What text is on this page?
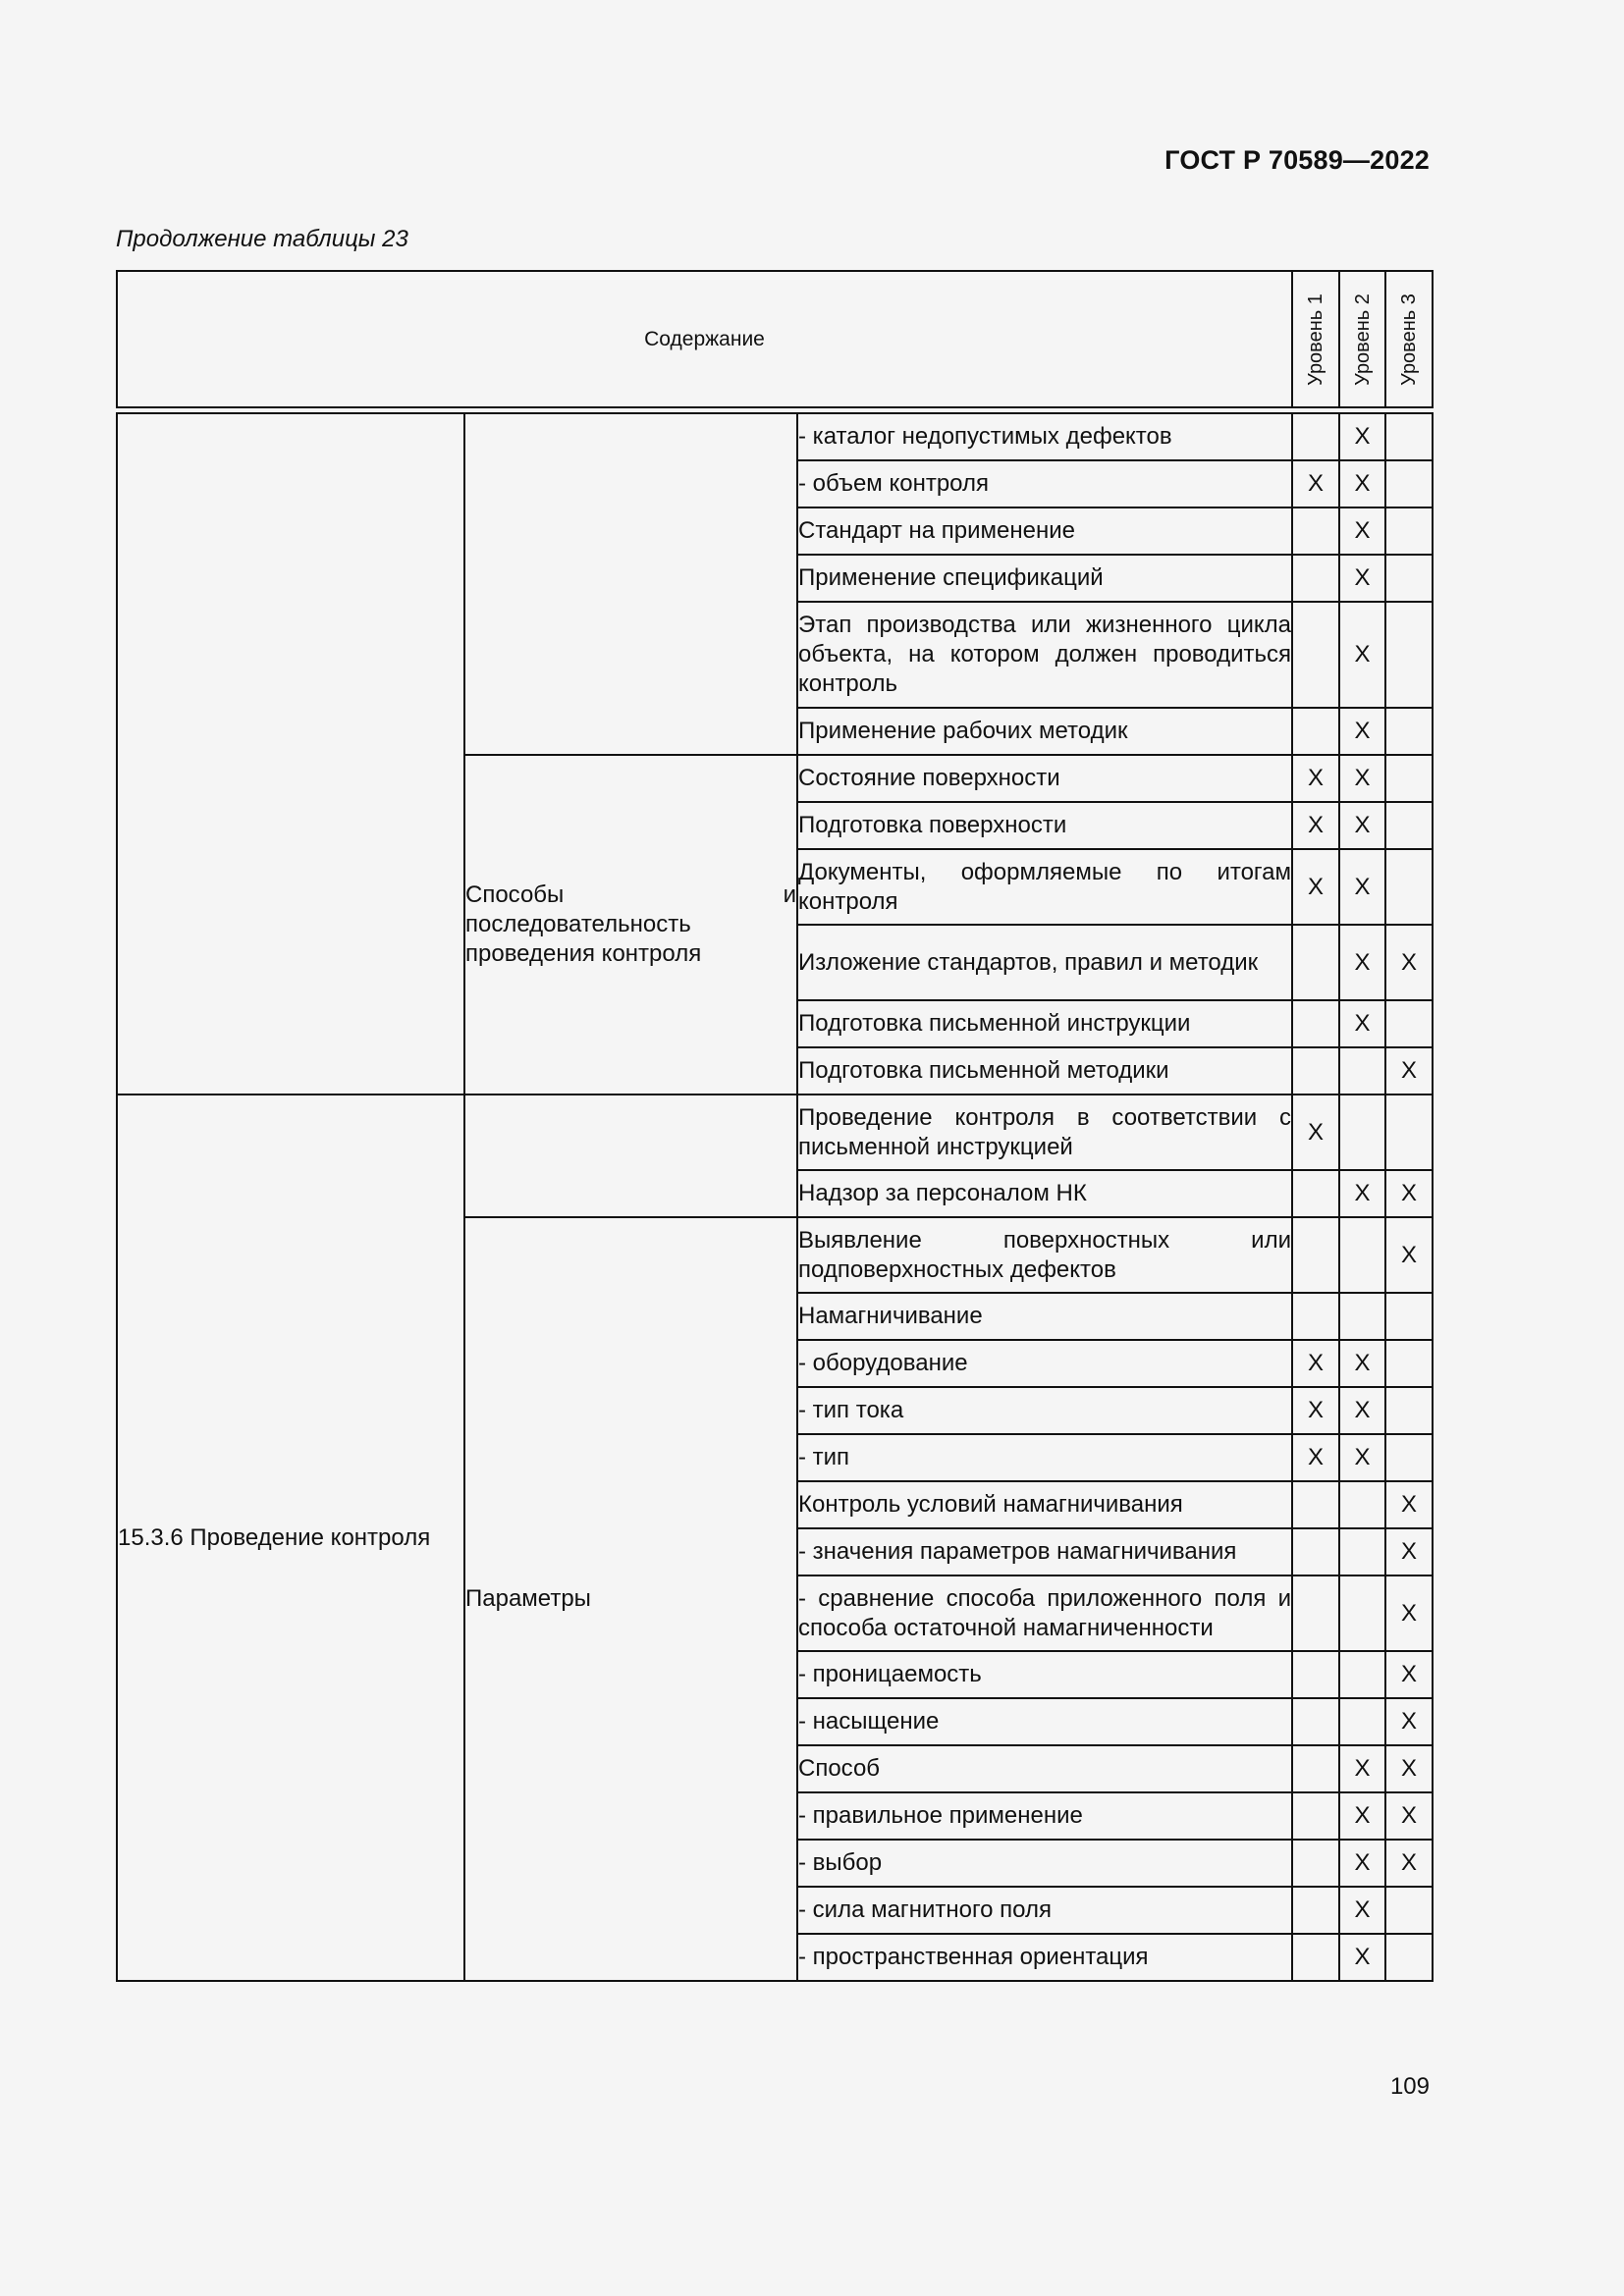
ГОСТ Р 70589—2022
Продолжение таблицы 23
Содержание			Уровень 1	Уровень 2	Уровень 3

		- каталог недопустимых дефектов		X	
		- объем контроля	X	X	
		Стандарт на применение		X	
		Применение спецификаций		X	
		Этап производства или жизненного цикла объекта, на котором должен проводиться контроль		X	
		Применение рабочих методик		X	
	Способы и последовательность проведения контроля	Состояние поверхности	X	X	
		Подготовка поверхности	X	X	
		Документы, оформляемые по итогам контроля	X	X	
		Изложение стандартов, правил и методик		X	X
		Подготовка письменной инструкции		X	
		Подготовка письменной методики			X
15.3.6 Проведение контроля		Проведение контроля в соответствии с письменной инструкцией	X		
		Надзор за персоналом НК		X	X
	Параметры	Выявление поверхностных или подповерхностных дефектов			X
		Намагничивание			
		- оборудование	X	X	
		- тип тока	X	X	
		- тип	X	X	
		Контроль условий намагничивания			X
		- значения параметров намагничивания			X
		- сравнение способа приложенного поля и способа остаточной намагниченности			X
		- проницаемость			X
		- насыщение			X
		Способ		X	X
		- правильное применение		X	X
		- выбор		X	X
		- сила магнитного поля		X	
		- пространственная ориентация		X	
109
